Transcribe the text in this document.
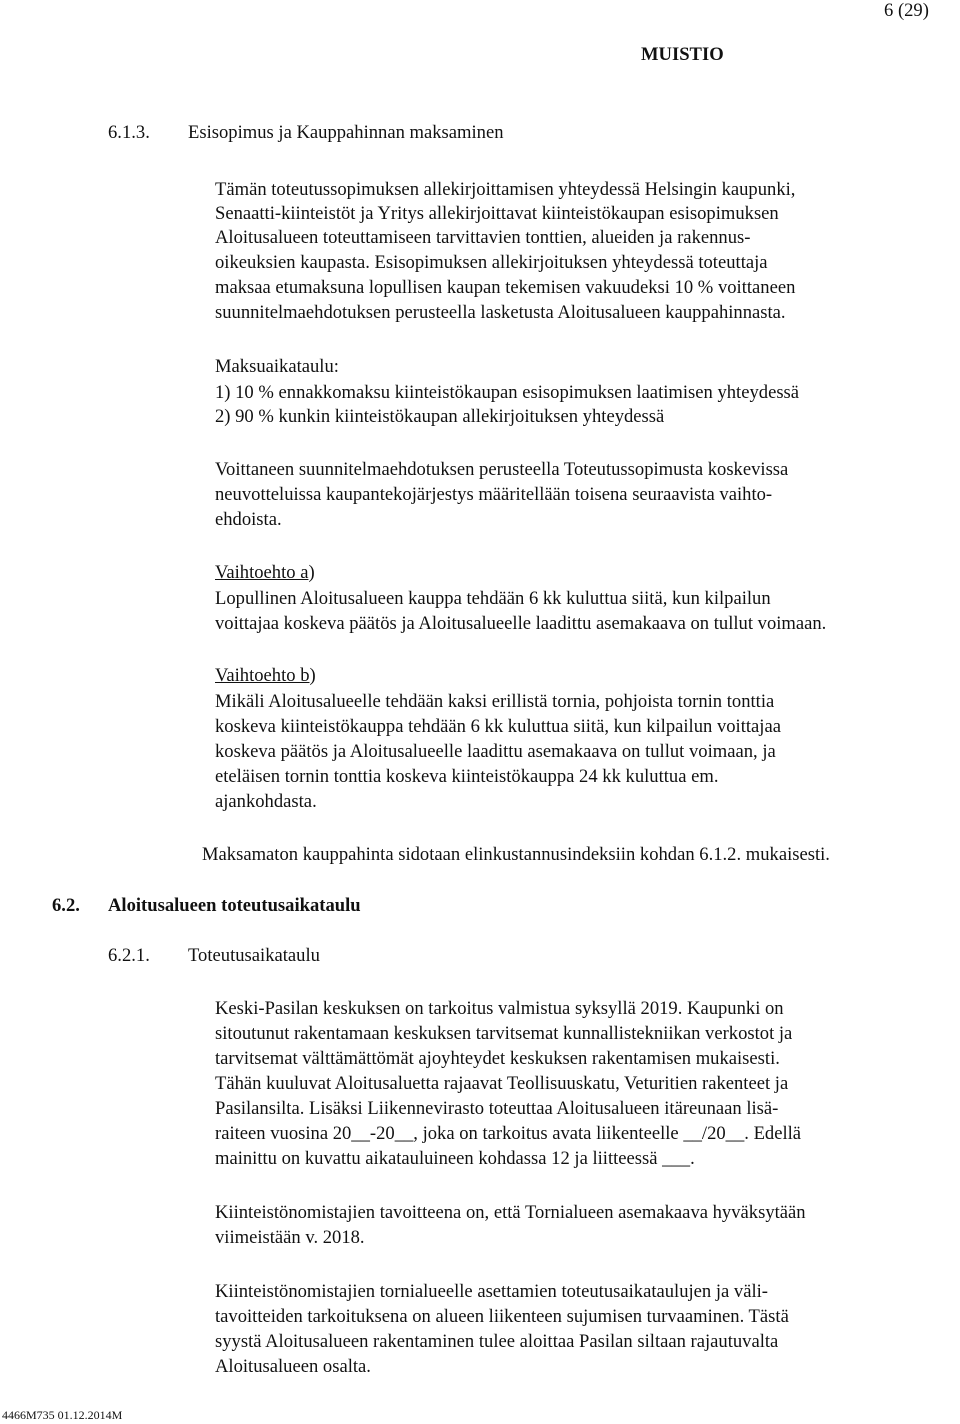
6 (29)
MUISTIO
6.1.3. Esisopimus ja Kauppahinnan maksaminen
Tämän toteutussopimuksen allekirjoittamisen yhteydessä Helsingin kaupunki,
Senaatti-kiinteistöt ja Yritys allekirjoittavat kiinteistökaupan esisopimuksen
Aloitusalueen toteuttamiseen tarvittavien tonttien, alueiden ja rakennus-
oikeuksien kaupasta. Esisopimuksen allekirjoituksen yhteydessä toteuttaja
maksaa etumaksuna lopullisen kaupan tekemisen vakuudeksi 10 % voittaneen
suunnitelmaehdotuksen perusteella lasketusta Aloitusalueen kauppahinnasta.
Maksuaikataulu:
1) 10 % ennakkomaksu kiinteistökaupan esisopimuksen laatimisen yhteydessä
2) 90 % kunkin kiinteistökaupan allekirjoituksen yhteydessä
Voittaneen suunnitelmaehdotuksen perusteella Toteutussopimusta koskevissa
neuvotteluissa kaupantekojärjestys määritellään toisena seuraavista vaihto-
ehdoista.
Vaihtoehto a)
Lopullinen Aloitusalueen kauppa tehdään 6 kk kuluttua siitä, kun kilpailun
voittajaa koskeva päätös ja Aloitusalueelle laadittu asemakaava on tullut voimaan.
Vaihtoehto b)
Mikäli Aloitusalueelle tehdään kaksi erillistä tornia, pohjoista tornin tonttia
koskeva kiinteistökauppa tehdään 6 kk kuluttua siitä, kun kilpailun voittajaa
koskeva päätös ja Aloitusalueelle laadittu asemakaava on tullut voimaan, ja
eteläisen tornin tonttia koskeva kiinteistökauppa 24 kk kuluttua em.
ajankohdasta.
Maksamaton kauppahinta sidotaan elinkustannusindeksiin kohdan 6.1.2. mukaisesti.
6.2. Aloitusalueen toteutusaikataulu
6.2.1. Toteutusaikataulu
Keski-Pasilan keskuksen on tarkoitus valmistua syksyllä 2019. Kaupunki on
sitoutunut rakentamaan keskuksen tarvitsemat kunnallistekniikan verkostot ja
tarvitsemat välttämättömät ajoyhteydet keskuksen rakentamisen mukaisesti.
Tähän kuuluvat Aloitusaluetta rajaavat Teollisuuskatu, Veturitien rakenteet ja
Pasilansilta. Lisäksi Liikennevirasto toteuttaa Aloitusalueen itäreunaan lisä-
raiteen vuosina 20__-20__, joka on tarkoitus avata liikenteelle __/20__. Edellä
mainittu on kuvattu aikatauluineen kohdassa 12 ja liitteessä ___.
Kiinteistönomistajien tavoitteena on, että Tornialueen asemakaava hyväksytään
viimeistään v. 2018.
Kiinteistönomistajien tornialueelle asettamien toteutusaikataulujen ja väli-
tavoitteiden tarkoituksena on alueen liikenteen sujumisen turvaaminen. Tästä
syystä Aloitusalueen rakentaminen tulee aloittaa Pasilan siltaan rajautuvalta
Aloitusalueen osalta.
4466M735 01.12.2014M
